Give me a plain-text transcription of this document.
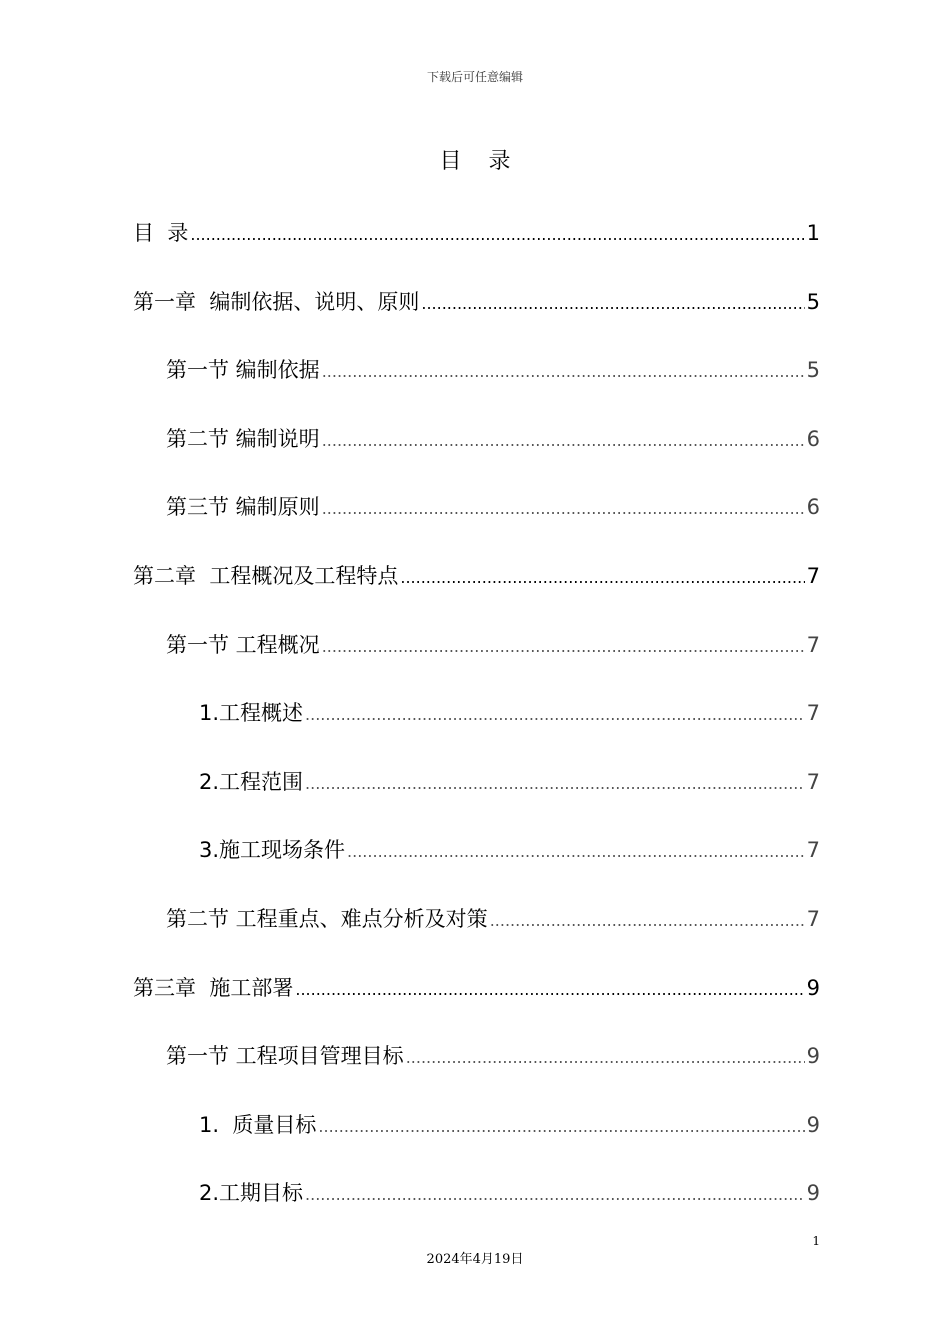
下载后可任意编辑
目 录
目  录 .....	1
第一章  编制依据、说明、原则 .....	5
第一节 编制依据 .....	5
第二节 编制说明 .....	6
第三节 编制原则 .....	6
第二章  工程概况及工程特点 .....	7
第一节 工程概况 .....	7
1.工程概述 .....	7
2.工程范围 .....	7
3.施工现场条件 .....	7
第二节 工程重点、难点分析及对策 .....	7
第三章  施工部署 .....	9
第一节 工程项目管理目标 .....	9
1.  质量目标 .....	9
2.工期目标 .....	9
1
2024年4月19日
